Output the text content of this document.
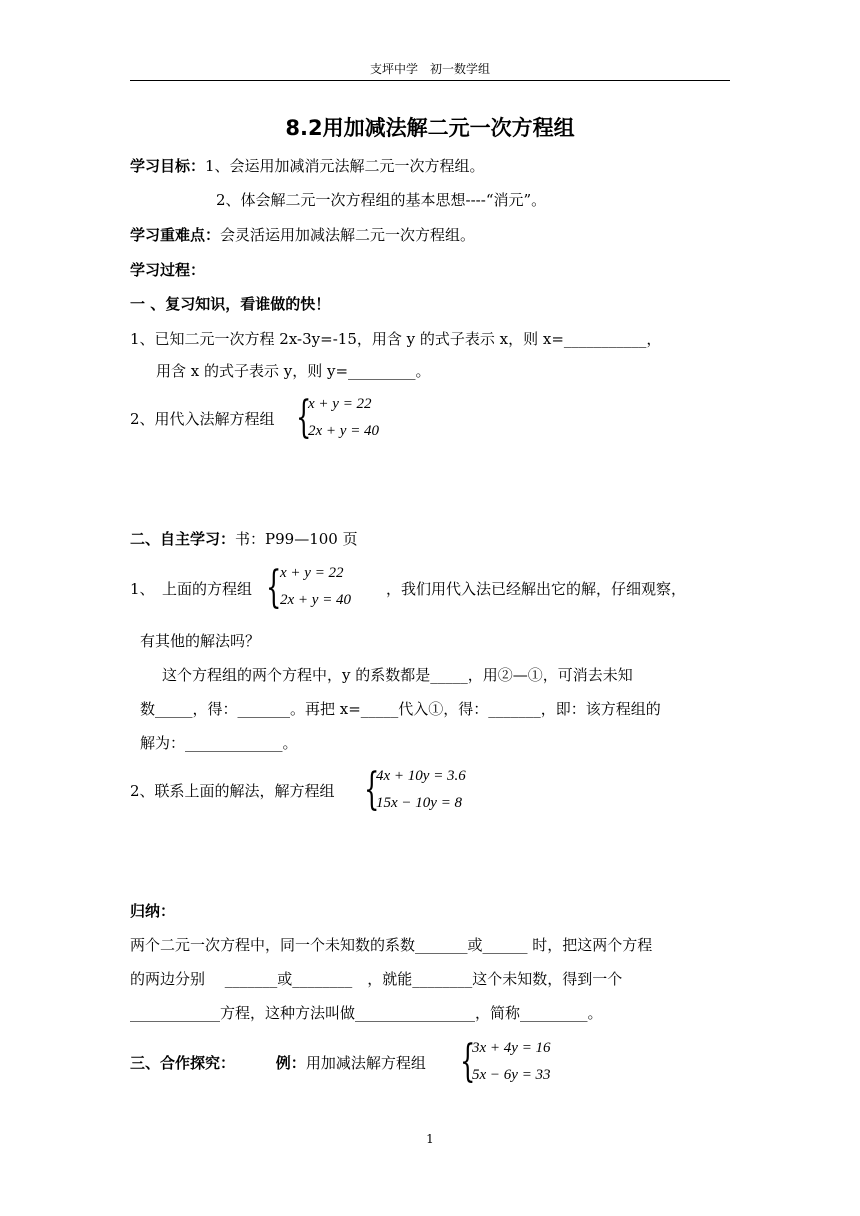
支坪中学　初一数学组
8.2用加减法解二元一次方程组
学习目标：1、会运用加减消元法解二元一次方程组。
2、体会解二元一次方程组的基本思想----“消元”。
学习重难点：会灵活运用加减法解二元一次方程组。
学习过程：
一 、复习知识，看谁做的快！
1、已知二元一次方程 2x-3y=-15，用含 y 的式子表示 x，则 x=___________，
用含 x 的式子表示 y，则 y=_________。
2、用代入法解方程组 {
x + y = 22
2x + y = 40
二、自主学习：书：P99—100 页
1、　上面的方程组 {
x + y = 22
2x + y = 40
，我们用代入法已经解出它的解，仔细观察，
有其他的解法吗？
这个方程组的两个方程中，y 的系数都是_____，用②—①，可消去未知
数_____，得：_______。再把 x=_____代入①，得：_______，即：该方程组的
解为：_____________。
2、联系上面的解法，解方程组 {
4x + 10y = 3.6
15x − 10y = 8
归纳：
两个二元一次方程中，同一个未知数的系数_______或______ 时，把这两个方程
的两边分别　 _______或________　，就能________这个未知数，得到一个
____________方程，这种方法叫做________________，简称_________。
三、合作探究：	例：用加减法解方程组 {
3x + 4y = 16
5x − 6y = 33
1
